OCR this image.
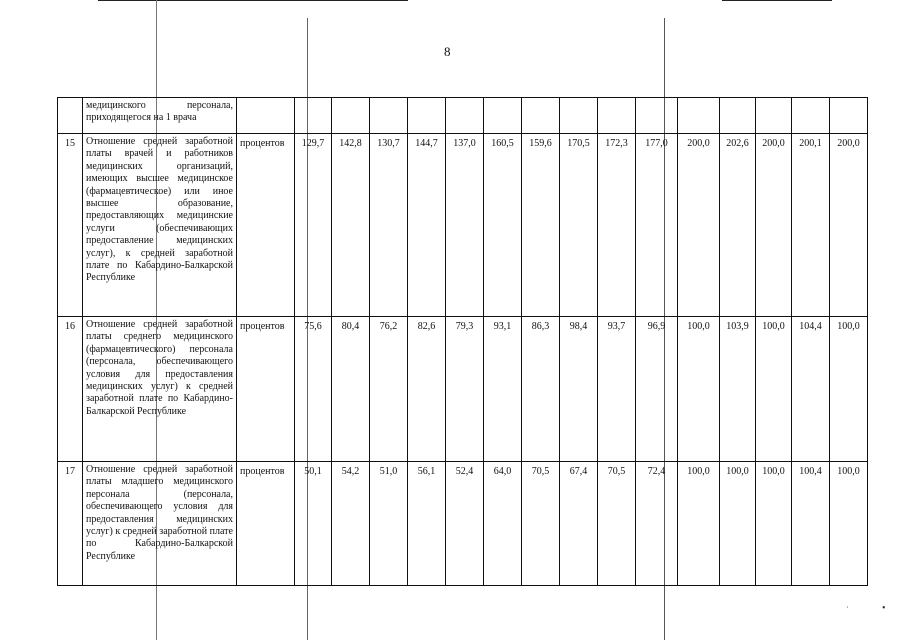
8
	медицинского персонала, приходящегося на 1 врача																
15	Отношение средней заработной платы врачей и работников медицинских организаций, имеющих высшее медицинское (фармацевтическое) или иное высшее образование, предоставляющих медицинские услуги (обеспечивающих предоставление медицинских услуг), к средней заработной плате по Кабардино-Балкарской Республике	процентов	129,7	142,8	130,7	144,7	137,0	160,5	159,6	170,5	172,3	177,0	200,0	202,6	200,0	200,1	200,0
16	Отношение средней заработной платы среднего медицинского (фармацевтического) персонала (персонала, обеспечивающего условия для предоставления медицинских услуг) к средней заработной плате по Кабардино-Балкарской Республике	процентов	75,6	80,4	76,2	82,6	79,3	93,1	86,3	98,4	93,7	96,9	100,0	103,9	100,0	104,4	100,0
17	Отношение средней заработной платы младшего медицинского персонала (персонала, обеспечивающего условия для предоставления медицинских услуг) к средней заработной плате по Кабардино-Балкарской Республике	процентов	50,1	54,2	51,0	56,1	52,4	64,0	70,5	67,4	70,5	72,4	100,0	100,0	100,0	100,4	100,0
·	•
